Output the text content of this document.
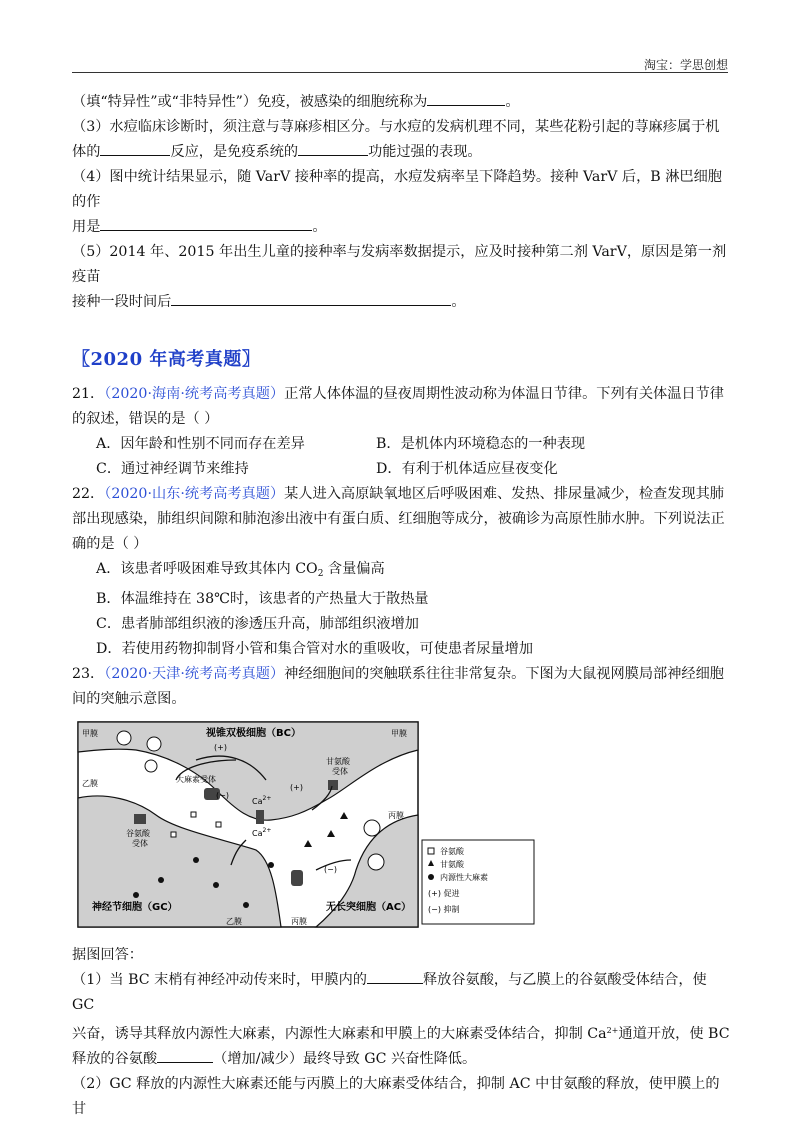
淘宝：学思创想

（填“特异性”或“非特异性”）免疫，被感染的细胞统称为	。

（3）水痘临床诊断时，须注意与荨麻疹相区分。与水痘的发病机理不同，某些花粉引起的荨麻疹属于机

体的	反应，是免疫系统的	功能过强的表现。

（4）图中统计结果显示，随 VarV 接种率的提高，水痘发病率呈下降趋势。接种 VarV 后，B 淋巴细胞的作

用是	。

（5）2014 年、2015 年出生儿童的接种率与发病率数据提示，应及时接种第二剂 VarV，原因是第一剂疫苗

接种一段时间后	。

〖2020 年高考真题〗

21．（2020·海南·统考高考真题）正常人体体温的昼夜周期性波动称为体温日节律。下列有关体温日节律

的叙述，错误的是（ ）

A．因年龄和性别不同而存在差异	B．是机体内环境稳态的一种表现
C．通过神经调节来维持	D．有利于机体适应昼夜变化

22．（2020·山东·统考高考真题）某人进入高原缺氧地区后呼吸困难、发热、排尿量减少，检查发现其肺

部出现感染，肺组织间隙和肺泡渗出液中有蛋白质、红细胞等成分，被确诊为高原性肺水肿。下列说法正

确的是（ ）

A．该患者呼吸困难导致其体内 $CO_2$ 含量偏高
B．体温维持在 38℃时，该患者的产热量大于散热量
C．患者肺部组织液的渗透压升高，肺部组织液增加
D．若使用药物抑制肾小管和集合管对水的重吸收，可使患者尿量增加

23．（2020·天津·统考高考真题）神经细胞间的突触联系往往非常复杂。下图为大鼠视网膜局部神经细胞

间的突触示意图。

视锥双极细胞（BC）
神经节细胞（GC）	无长突细胞（AC）
甲膜	甲膜
乙膜
乙膜
丙膜
丙膜
大麻素受体
甘氨酸
受体
谷氨酸
受体
(+)
(+)
(−)
(−)
$Ca^{2+}$
$Ca^{2+}$
谷氨酸
甘氨酸
内源性大麻素
(+) 促进
(−) 抑制

据图回答：

（1）当 BC 末梢有神经冲动传来时，甲膜内的	释放谷氨酸，与乙膜上的谷氨酸受体结合，使 GC

兴奋，诱导其释放内源性大麻素，内源性大麻素和甲膜上的大麻素受体结合，抑制 $Ca^{2+}$通道开放，使 BC

释放的谷氨酸	（增加/减少）最终导致 GC 兴奋性降低。

（2）GC 释放的内源性大麻素还能与丙膜上的大麻素受体结合，抑制 AC 中甘氨酸的释放，使甲膜上的甘
